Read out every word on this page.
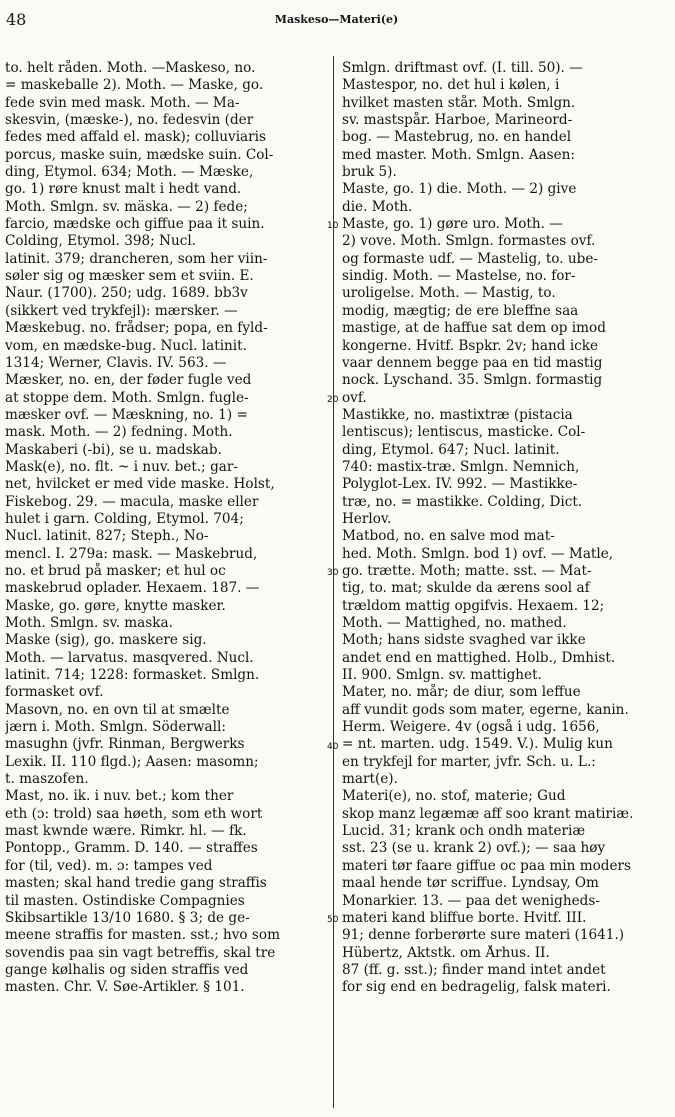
48	Maskeso—Materi(e)
to. helt råden. Moth. —Maskeso, no.
= maskeballe 2). Moth. — Maske, go.
fede svin med mask. Moth. — Ma-
skesvin, (mæske-), no. fedesvin (der
fedes med affald el. mask); colluviaris
porcus, maske suin, mædske suin. Col-
ding, Etymol. 634; Moth. — Mæske,
go. 1) røre knust malt i hedt vand.
Moth. Smlgn. sv. mäska. — 2) fede;
farcio, mædske och giffue paa it suin.
Colding, Etymol. 398; Nucl.
latinit. 379; drancheren, som her viin-
søler sig og mæsker sem et sviin. E.
Naur. (1700). 250; udg. 1689. bb3v
(sikkert ved trykfejl): mærsker. —
Mæskebug. no. frådser; popa, en fyld-
vom, en mædske-bug. Nucl. latinit.
1314; Werner, Clavis. IV. 563. —
Mæsker, no. en, der føder fugle ved
at stoppe dem. Moth. Smlgn. fugle-
mæsker ovf. — Mæskning, no. 1) =
mask. Moth. — 2) fedning. Moth.
Maskaberi (-bi), se u. madskab.
Mask(e), no. flt. ~ i nuv. bet.; gar-
net, hvilcket er med vide maske. Holst,
Fiskebog. 29. — macula, maske eller
hulet i garn. Colding, Etymol. 704;
Nucl. latinit. 827; Steph., No-
mencl. I. 279a: mask. — Maskebrud,
no. et brud på masker; et hul oc
maskebrud oplader. Hexaem. 187. —
Maske, go. gøre, knytte masker.
Moth. Smlgn. sv. maska.
Maske (sig), go. maskere sig.
Moth. — larvatus. masqvered. Nucl.
latinit. 714; 1228: formasket. Smlgn.
formasket ovf.
Masovn, no. en ovn til at smælte
jærn i. Moth. Smlgn. Söderwall:
masughn (jvfr. Rinman, Bergwerks
Lexik. II. 110 flgd.); Aasen: masomn;
t. maszofen.
Mast, no. ik. i nuv. bet.; kom ther
eth (ɔ: trold) saa høeth, som eth wort
mast kwnde wære. Rimkr. hl. — fk.
Pontopp., Gramm. D. 140. — straffes
for (til, ved). m. ɔ: tampes ved
masten; skal hand tredie gang straffis
til masten. Ostindiske Compagnies
Skibsartikle 13/10 1680. § 3; de ge-
meene straffis for masten. sst.; hvo som
sovendis paa sin vagt betreffis, skal tre
gange kølhalis og siden straffis ved
masten. Chr. V. Søe-Artikler. § 101.
Smlgn. driftmast ovf. (I. till. 50). —
Mastespor, no. det hul i kølen, i
hvilket masten står. Moth. Smlgn.
sv. mastspår. Harboe, Marineord-
bog. — Mastebrug, no. en handel
med master. Moth. Smlgn. Aasen:
bruk 5).
Maste, go. 1) die. Moth. — 2) give
die. Moth.
Maste, go. 1) gøre uro. Moth. —
2) vove. Moth. Smlgn. formastes ovf.
og formaste udf. — Mastelig, to. ube-
sindig. Moth. — Mastelse, no. for-
uroligelse. Moth. — Mastig, to.
modig, mægtig; de ere bleffne saa
mastige, at de haffue sat dem op imod
kongerne. Hvitf. Bspkr. 2v; hand icke
vaar dennem begge paa en tid mastig
nock. Lyschand. 35. Smlgn. formastig
ovf.
Mastikke, no. mastixtræ (pistacia
lentiscus); lentiscus, masticke. Col-
ding, Etymol. 647; Nucl. latinit.
740: mastix-træ. Smlgn. Nemnich,
Polyglot-Lex. IV. 992. — Mastikke-
træ, no. = mastikke. Colding, Dict.
Herlov.
Matbod, no. en salve mod mat-
hed. Moth. Smlgn. bod 1) ovf. — Matle,
go. trætte. Moth; matte. sst. — Mat-
tig, to. mat; skulde da ærens sool af
trældom mattig opgifvis. Hexaem. 12;
Moth. — Mattighed, no. mathed.
Moth; hans sidste svaghed var ikke
andet end en mattighed. Holb., Dmhist.
II. 900. Smlgn. sv. mattighet.
Mater, no. mår; de diur, som leffue
aff vundit gods som mater, egerne, kanin.
Herm. Weigere. 4v (også i udg. 1656,
= nt. marten. udg. 1549. V.). Mulig kun
en trykfejl for marter, jvfr. Sch. u. L.:
mart(e).
Materi(e), no. stof, materie; Gud
skop manz legæmæ aff soo krant matiriæ.
Lucid. 31; krank och ondh materiæ
sst. 23 (se u. krank 2) ovf.); — saa høy
materi tør faare giffue oc paa min moders
maal hende tør scriffue. Lyndsay, Om
Monarkier. 13. — paa det wenigheds-
materi kand bliffue borte. Hvitf. III.
91; denne forberørte sure materi (1641.)
Hübertz, Aktstk. om Århus. II.
87 (ff. g. sst.); finder mand intet andet
for sig end en bedragelig, falsk materi.
10
20
30
40
50
